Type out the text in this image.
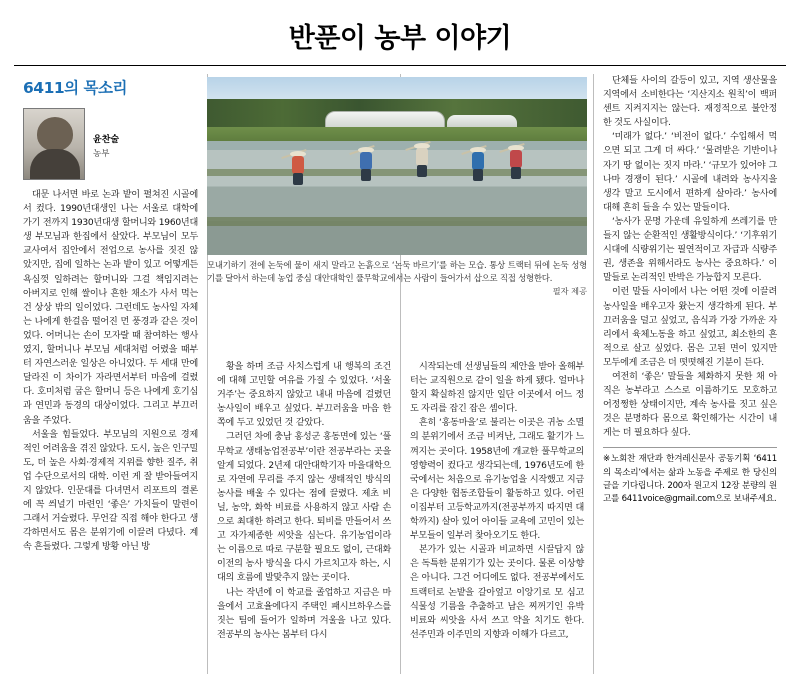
반푼이 농부 이야기
6411의 목소리
윤찬술
농부

대문 나서면 바로 논과 밭이 펼쳐진 시골에서 컸다. 1990년대생인 나는 서울로 대학에 가기 전까지 1930년대생 할머니와 1960년대생 부모님과 한집에서 살았다. 부모님이 모두 교사여서 집안에서 전업으로 농사를 짓진 않았지만, 집에 일하는 논과 밭이 있고 어떻게든 욕심껏 일하려는 할머니와 그걸 책임지려는 아버지로 인해 쌀이나 흔한 채소가 사서 먹는 건 상상 밖의 일이었다. 그런데도 농사일 자체는 나에게 한걸음 떨어진 먼 풍경과 같은 것이었다. 어머니는 손이 모자랄 때 참여하는 행사였지, 할머니나 부모님 세대처럼 어렸을 때부터 자연스러운 일상은 아니었다. 두 세대 만에 달라진 이 차이가 자라면서부터 마음에 걸렸다. 호미처럼 굽은 할머니 등은 나에게 호기심과 연민과 동경의 대상이었다. 그리고 부끄러움을 주었다.

서울을 힘들었다. 부모님의 지원으로 경제적인 어려움을 겪진 않았다. 도시, 높은 인구밀도, 더 높은 사회·경제적 지위를 향한 질주, 취업 수단으로서의 대학. 이런 게 잘 받아들여지지 않았다. 인문대를 다녀면서 리포트의 결론에 꼭 씌널기 마련인 ‘좋은’ 가치들이 말련이 그래서 거슬렸다. 무언갈 직접 해야 한다고 생각하면서도 몸은 분위기에 이끌려 다녔다. 계속 흔들렸다. 그렇게 방황 아닌 방

황을 하며 조금 사치스럽게 내 행복의 조건에 대해 고민할 여유를 가질 수 있었다. ‘서울 거주’는 중요하지 않았고 내내 마음에 걸렸던 농사일이 배우고 싶었다. 부끄러움을 마음 한쪽에 두고 있었던 것 같았다.

그러던 차에 충남 홍성군 홍동면에 있는 ‘풀무학교 생태농업전공부’이란 전공부라는 곳을 알게 되었다. 2년제 대안대학기자 마을대학으로 자연에 무리를 주지 않는 생태적인 방식의 농사를 배울 수 있다는 점에 끌렸다. 제초 비닐, 농약, 화학 비료를 사용하지 않고 사람 손으로 최대한 하려고 한다. 퇴비를 만들어서 쓰고 자가제종한 씨앗을 심는다. 유기농업이라는 이름으로 따로 구분할 필요도 없이, 근대화 이전의 농사 방식을 다시 가르치고자 하는, 시대의 흐름에 발맞추지 않는 곳이다.

나는 작년에 이 학교를 졸업하고 지금은 마을에서 고효율에다지 주택인 패시브하우스를 짓는 팀에 들어가 일하며 겨울을 나고 있다. 전공부의 농사는 봄부터 다시

시작되는데 선생님들의 제안을 받아 올해부터는 교직원으로 같이 일을 하게 됐다. 얼마나 할지 확실하진 않지만 일단 이곳에서 어느 정도 자리를 잡긴 잡은 셈이다.

흔히 ‘홍동마을’로 불리는 이곳은 귀농 소멸의 분위기에서 조금 비켜난, 그래도 활기가 느껴지는 곳이다. 1958년에 개교한 풀무학교의 영향력이 컸다고 생각되는데, 1976년도에 한국에서는 처음으로 유기농업을 시작했고 지금은 다양한 협동조합들이 활동하고 있다. 어린이집부터 고등학교까지(전공부까지 따지면 대학까지) 살아 있어 아이들 교육에 고민이 있는 부모들이 일부러 찾아오기도 한다.

본가가 있는 시골과 비교하면 시끌답지 않은 독특한 분위기가 있는 곳이다. 물론 이상향은 아니다. 그건 어디에도 없다. 전공부에서도 트랙터로 논밭을 갈아엎고 이앙기로 모 심고 식물성 기름을 추출하고 남은 찌꺼기인 유박 비료와 씨앗을 사서 쓰고 약을 치기도 한다. 선주민과 이주민의 지향과 이해가 다르고,

단체들 사이의 갈등이 있고, 지역 생산물을 지역에서 소비한다는 ‘지산지소 원칙’이 백퍼센트 지켜지지는 않는다. 재정적으로 불안정한 것도 사실이다.

‘미래가 없다.’ ‘비전이 없다.’ 수입해서 먹으면 되고 그게 더 싸다.’ ‘물려받은 기반이나 자기 땅 없이는 짓지 마라.’ ‘규모가 있어야 그나마 경쟁이 된다.’ 시골에 내려와 농사지을 생각 말고 도시에서 편하게 살아라.’ 농사에 대해 흔히 들을 수 있는 말들이다.

‘농사가 문명 가운데 유일하게 쓰레기를 만들지 않는 순환적인 생활방식이다.’ ‘기후위기 시대에 식량위기는 필연적이고 자급과 식량주권, 생존을 위해서라도 농사는 중요하다.’ 이 말들로 논리적인 반박은 가능합지 모른다.

이런 말들 사이에서 나는 어떤 것에 이끌려 농사일을 배우고자 왔는지 생각하게 된다. 부끄러움을 덜고 싶었고, 음식과 가장 가까운 자리에서 육체노동을 하고 싶었고, 최소한의 흔적으로 살고 싶었다. 몸은 고된 면이 있지만 모두에게 조금은 더 떳떳해진 기분이 든다.

여전히 ‘좋은’ 말들을 체화하지 못한 채 아직은 농부라고 스스로 이름하기도 모호하고 어정쩡한 상태이지만, 계속 농사를 짓고 싶은 것은 분명하다 몸으로 확인해가는 시간이 내게는 더 필요하다 싶다.

※노회찬 재단과 한겨레신문사 공동기획 ‘6411의 목소리’에서는 삶과 노동을 주제로 한 당신의 글을 기다립니다. 200자 원고지 12장 분량의 원고를 6411voice@gmail.com으로 보내주세요.
모내기하기 전에 논둑에 물이 새지 말라고 논흙으로 ‘논둑 바르기’를 하는 모습. 통상 트랙터 뒤에 논둑 성형기를 달아서 하는데 농업 중심 대안대학인 풀무학교에서는 사람이 들어가서 삽으로 직접 성형한다.
필자 제공
